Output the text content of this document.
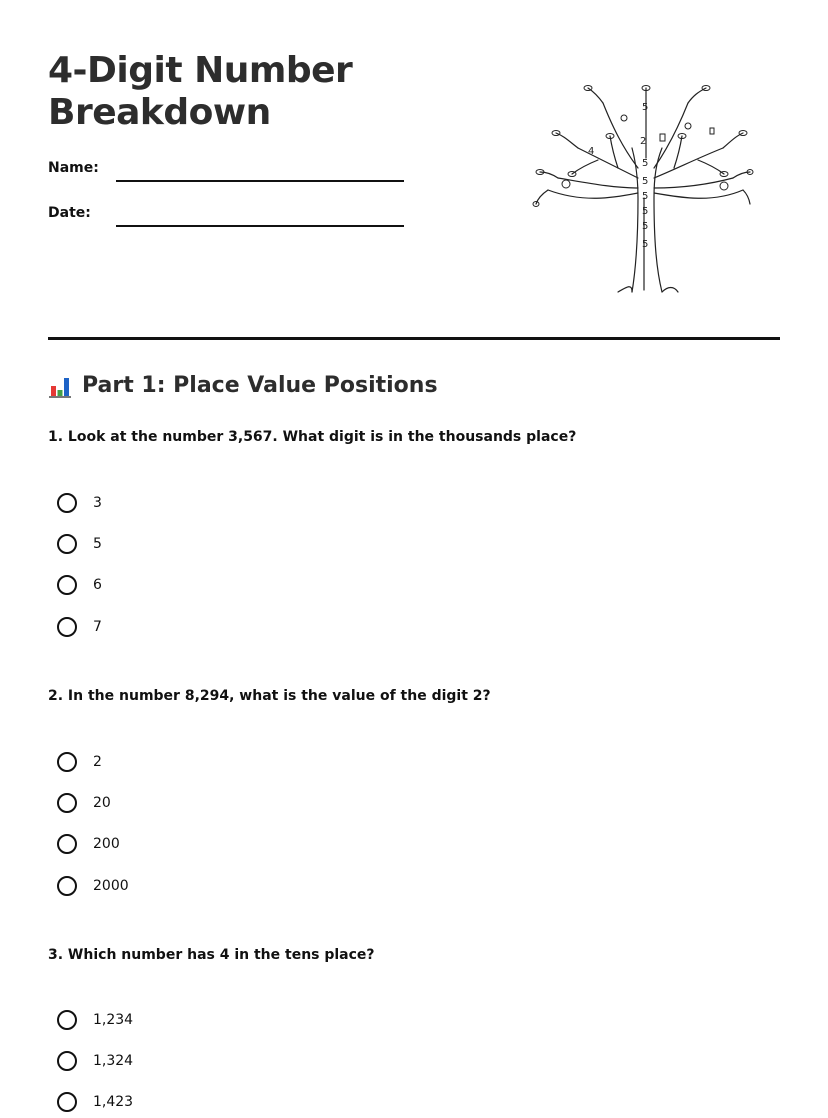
4-Digit Number Breakdown
Name:
Date:
5
2
4
5
5
5
5
5
5
Part 1: Place Value Positions

1. Look at the number 3,567. What digit is in the thousands place?

3
5
6
7

2. In the number 8,294, what is the value of the digit 2?

2
20
200
2000

3. Which number has 4 in the tens place?

1,234
1,324
1,423
